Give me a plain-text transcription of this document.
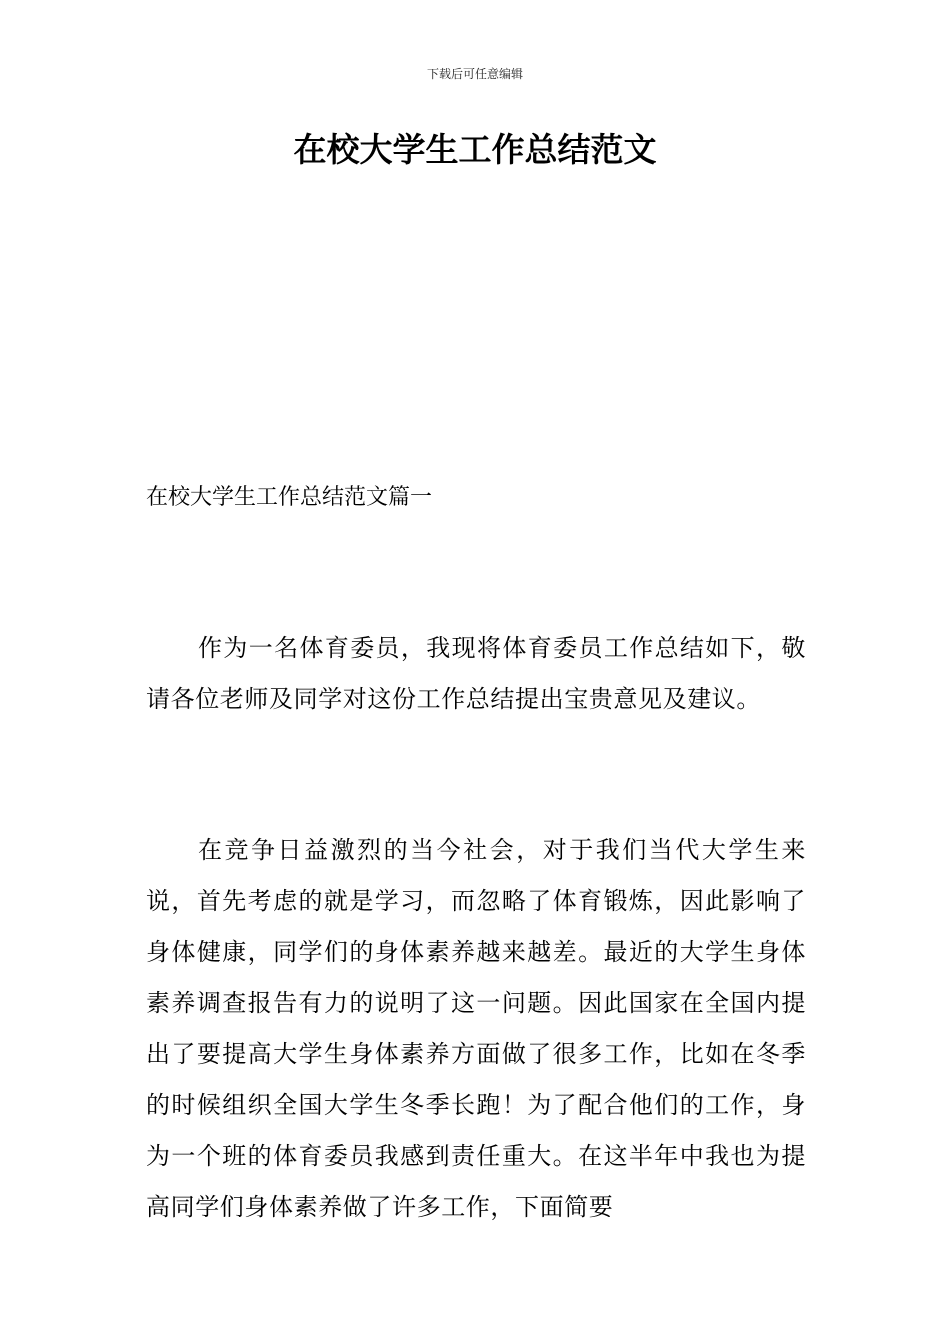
下载后可任意编辑
在校大学生工作总结范文
在校大学生工作总结范文篇一

作为一名体育委员，我现将体育委员工作总结如下，敬请各位老师及同学对这份工作总结提出宝贵意见及建议。

在竞争日益激烈的当今社会，对于我们当代大学生来说，首先考虑的就是学习，而忽略了体育锻炼，因此影响了身体健康，同学们的身体素养越来越差。最近的大学生身体素养调查报告有力的说明了这一问题。因此国家在全国内提出了要提高大学生身体素养方面做了很多工作，比如在冬季的时候组织全国大学生冬季长跑！为了配合他们的工作，身为一个班的体育委员我感到责任重大。在这半年中我也为提高同学们身体素养做了许多工作，下面简要
